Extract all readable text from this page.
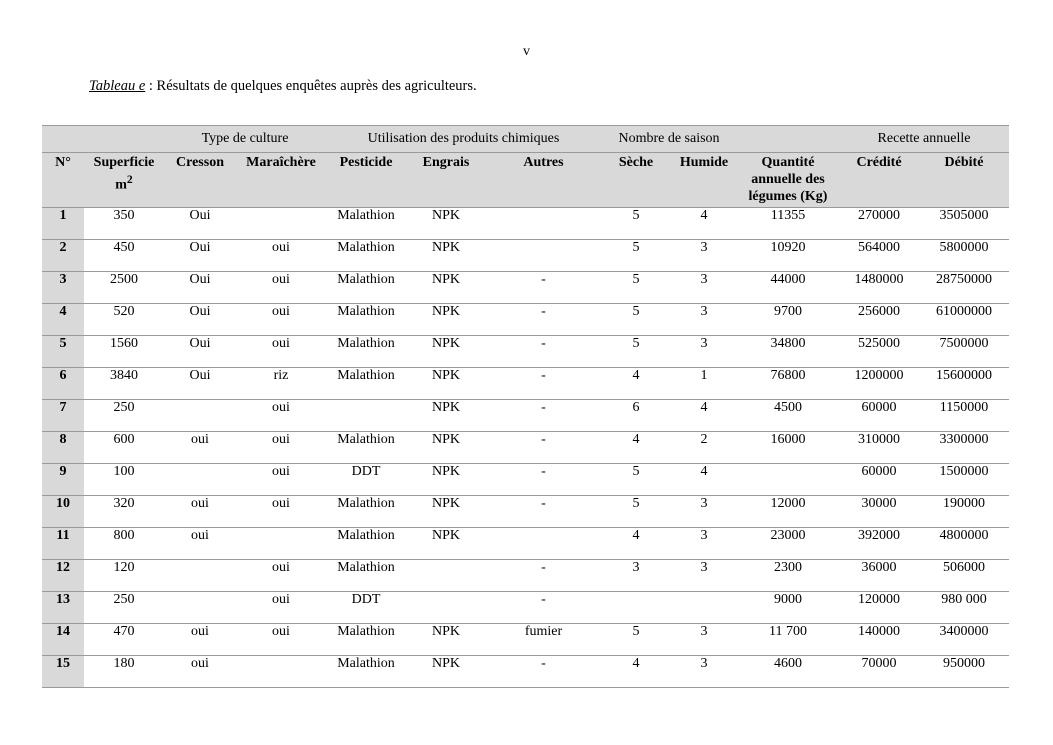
v
Tableau e : Résultats de quelques enquêtes auprès des agriculteurs.
		Type de culture		Utilisation des produits chimiques			Nombre de saison			Recette annuelle	
N°	Superficie $m^2$	Cresson	Maraîchère	Pesticide	Engrais	Autres	Sèche	Humide	Quantité annuelle des légumes (Kg)	Crédité	Débité
1	350	Oui		Malathion	NPK		5	4	11355	270000	3505000
2	450	Oui	oui	Malathion	NPK		5	3	10920	564000	5800000
3	2500	Oui	oui	Malathion	NPK	-	5	3	44000	1480000	28750000
4	520	Oui	oui	Malathion	NPK	-	5	3	9700	256000	61000000
5	1560	Oui	oui	Malathion	NPK	-	5	3	34800	525000	7500000
6	3840	Oui	riz	Malathion	NPK	-	4	1	76800	1200000	15600000
7	250		oui		NPK	-	6	4	4500	60000	1150000
8	600	oui	oui	Malathion	NPK	-	4	2	16000	310000	3300000
9	100		oui	DDT	NPK	-	5	4		60000	1500000
10	320	oui	oui	Malathion	NPK	-	5	3	12000	30000	190000
11	800	oui		Malathion	NPK		4	3	23000	392000	4800000
12	120		oui	Malathion		-	3	3	2300	36000	506000
13	250		oui	DDT		-			9000	120000	980 000
14	470	oui	oui	Malathion	NPK	fumier	5	3	11 700	140000	3400000
15	180	oui		Malathion	NPK	-	4	3	4600	70000	950000
